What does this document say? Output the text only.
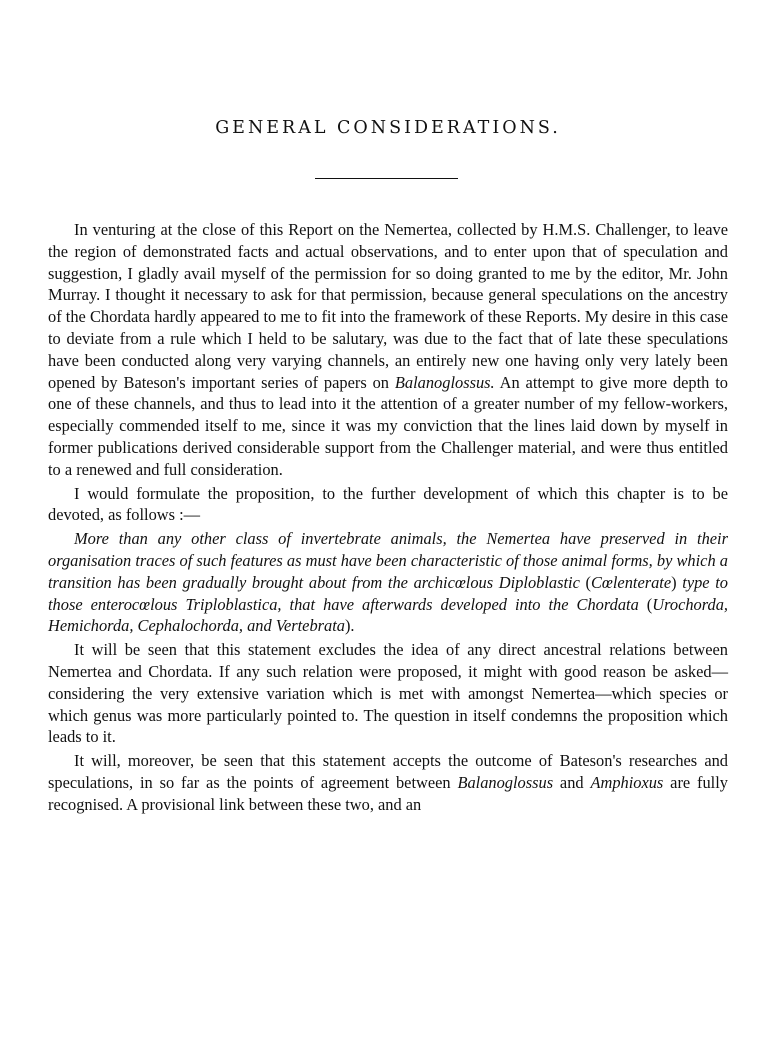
GENERAL CONSIDERATIONS.

In venturing at the close of this Report on the Nemertea, collected by H.M.S. Challenger, to leave the region of demonstrated facts and actual observations, and to enter upon that of speculation and suggestion, I gladly avail myself of the permission for so doing granted to me by the editor, Mr. John Murray. I thought it necessary to ask for that permission, because general speculations on the ancestry of the Chordata hardly appeared to me to fit into the framework of these Reports. My desire in this case to deviate from a rule which I held to be salutary, was due to the fact that of late these speculations have been conducted along very varying channels, an entirely new one having only very lately been opened by Bateson's important series of papers on Balanoglossus. An attempt to give more depth to one of these channels, and thus to lead into it the attention of a greater number of my fellow-workers, especially commended itself to me, since it was my conviction that the lines laid down by myself in former publications derived considerable support from the Challenger material, and were thus entitled to a renewed and full consideration.

I would formulate the proposition, to the further development of which this chapter is to be devoted, as follows :—

More than any other class of invertebrate animals, the Nemertea have preserved in their organisation traces of such features as must have been characteristic of those animal forms, by which a transition has been gradually brought about from the archicœlous Diploblastic (Cœlenterate) type to those enterocœlous Triploblastica, that have afterwards developed into the Chordata (Urochorda, Hemichorda, Cephalochorda, and Vertebrata).

It will be seen that this statement excludes the idea of any direct ancestral relations between Nemertea and Chordata. If any such relation were proposed, it might with good reason be asked—considering the very extensive variation which is met with amongst Nemertea—which species or which genus was more particularly pointed to. The question in itself condemns the proposition which leads to it.

It will, moreover, be seen that this statement accepts the outcome of Bateson's researches and speculations, in so far as the points of agreement between Balanoglossus and Amphioxus are fully recognised. A provisional link between these two, and an
